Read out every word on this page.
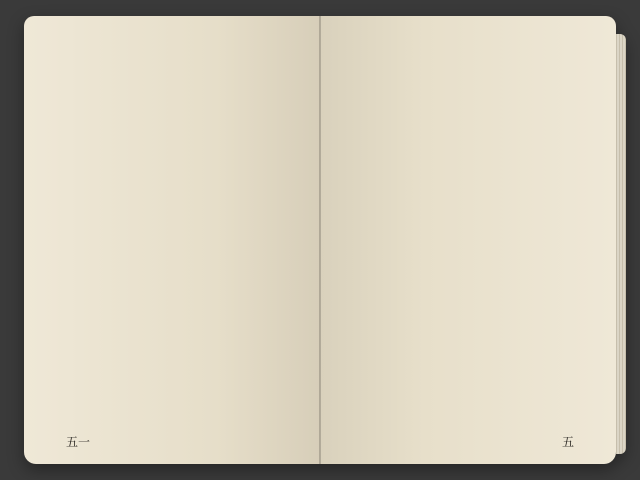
五一	五
